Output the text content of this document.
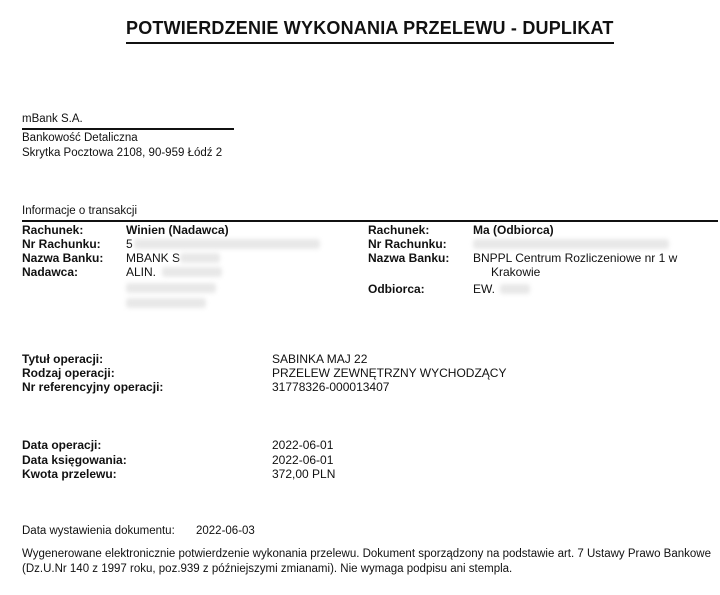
POTWIERDZENIE WYKONANIA PRZELEWU - DUPLIKAT
mBank S.A.
Bankowość Detaliczna
Skrytka Pocztowa 2108, 90-959 Łódź 2
Informacje o transakcji
Rachunek:	Winien (Nadawca)
Nr Rachunku: 5
Nazwa Banku: MBANK S
Nadawca:	ALIN.
Rachunek:	Ma (Odbiorca)
Nr Rachunku:
Nazwa Banku: BNPPL Centrum Rozliczeniowe nr 1 w
Krakowie
Odbiorca:	EW.
Tytuł operacji:	SABINKA MAJ 22
Rodzaj operacji:	PRZELEW ZEWNĘTRZNY WYCHODZĄCY
Nr referencyjny operacji:	31778326-000013407
Data operacji:	2022-06-01
Data księgowania:	2022-06-01
Kwota przelewu:	372,00 PLN
Data wystawienia dokumentu: 2022-06-03
Wygenerowane elektronicznie potwierdzenie wykonania przelewu. Dokument sporządzony na podstawie art. 7 Ustawy Prawo Bankowe (Dz.U.Nr 140 z 1997 roku, poz.939 z późniejszymi zmianami). Nie wymaga podpisu ani stempla.
